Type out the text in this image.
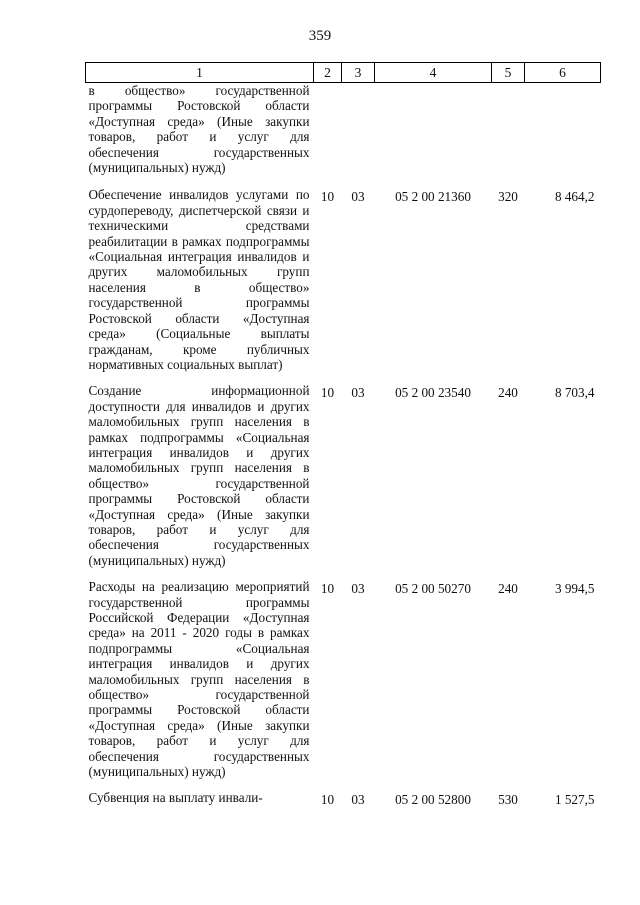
359
1	2	3	4	5	6

в общество» государственной программы Ростовской области «Доступная среда» (Иные закупки товаров, работ и услуг для обеспечения государственных (муниципальных) нужд)					

Обеспечение инвалидов услугами по сурдопереводу, диспетчерской связи и техническими средствами реабилитации в рамках подпрограммы «Социальная интеграция инвалидов и других маломобильных групп населения в общество» государственной программы Ростовской области «Доступная среда» (Социальные выплаты гражданам, кроме публичных нормативных социальных выплат)	10	03	05 2 00 21360	320	8 464,2

Создание информационной доступности для инвалидов и других маломобильных групп населения в рамках подпрограммы «Социальная интеграция инвалидов и других маломобильных групп населения в общество» государственной программы Ростовской области «Доступная среда» (Иные закупки товаров, работ и услуг для обеспечения государственных (муниципальных) нужд)	10	03	05 2 00 23540	240	8 703,4

Расходы на реализацию мероприятий государственной программы Российской Федерации «Доступная среда» на 2011 - 2020 годы в рамках подпрограммы «Социальная интеграция инвалидов и других маломобильных групп населения в общество» государственной программы Ростовской области «Доступная среда» (Иные закупки товаров, работ и услуг для обеспечения государственных (муниципальных) нужд)	10	03	05 2 00 50270	240	3 994,5

Субвенция на выплату инвали-	10	03	05 2 00 52800	530	1 527,5
